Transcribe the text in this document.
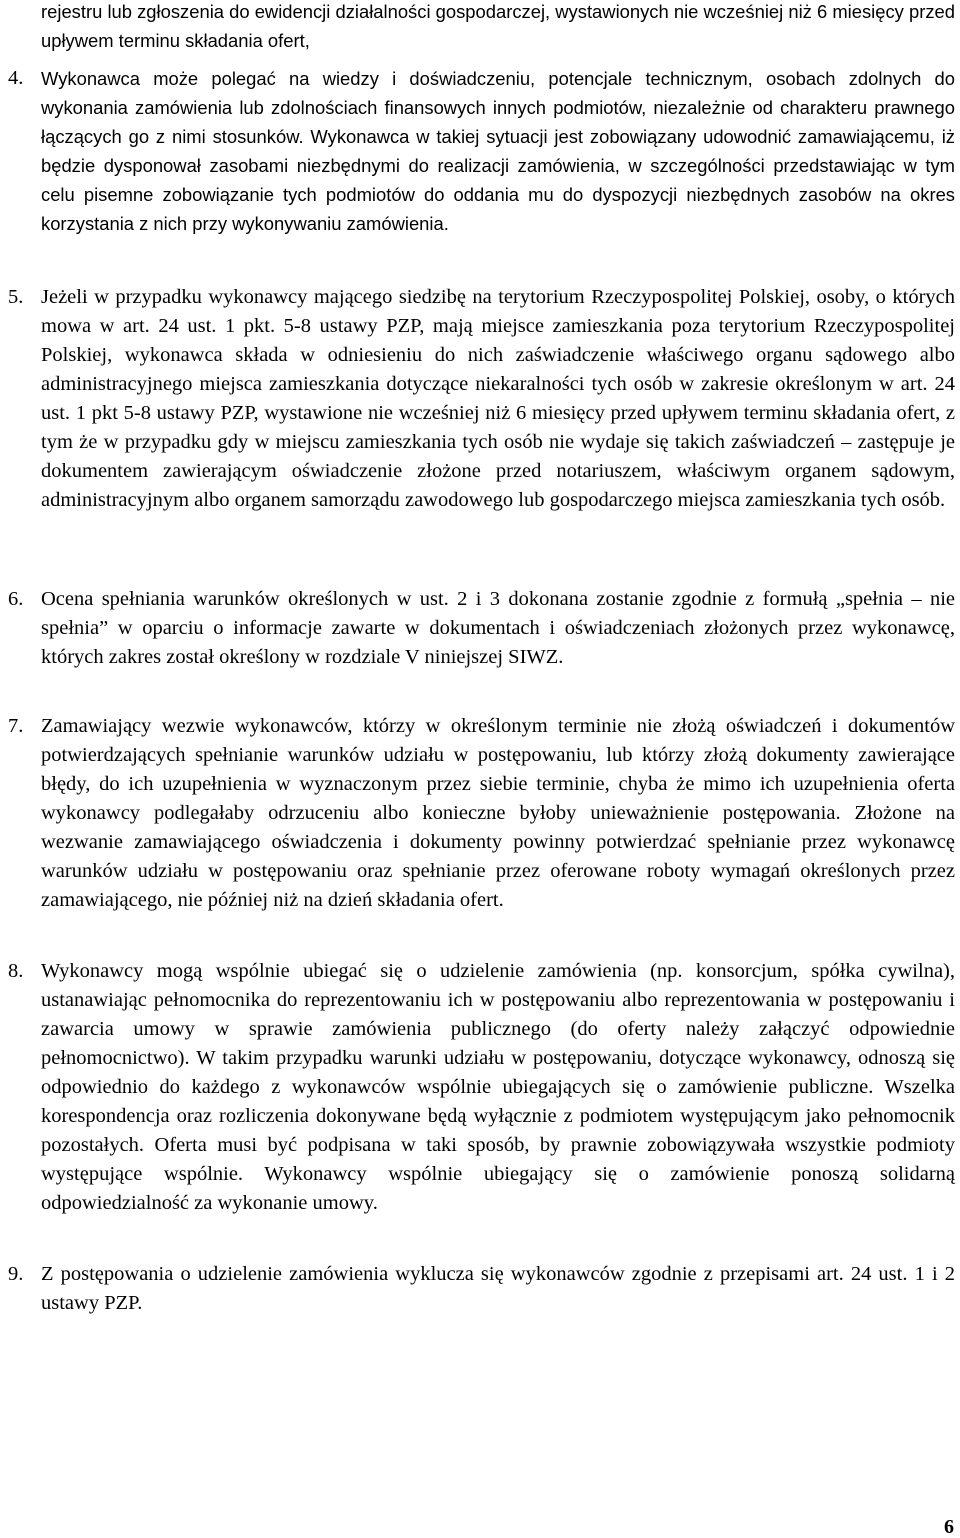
rejestru lub zgłoszenia do ewidencji działalności gospodarczej, wystawionych nie wcześniej niż 6 miesięcy przed upływem terminu składania ofert,

4. Wykonawca może polegać na wiedzy i doświadczeniu, potencjale technicznym, osobach zdolnych do wykonania zamówienia lub zdolnościach finansowych innych podmiotów, niezależnie od charakteru prawnego łączących go z nimi stosunków. Wykonawca w takiej sytuacji jest zobowiązany udowodnić zamawiającemu, iż będzie dysponował zasobami niezbędnymi do realizacji zamówienia, w szczególności przedstawiając w tym celu pisemne zobowiązanie tych podmiotów do oddania mu do dyspozycji niezbędnych zasobów na okres korzystania z nich przy wykonywaniu zamówienia.

5. Jeżeli w przypadku wykonawcy mającego siedzibę na terytorium Rzeczypospolitej Polskiej, osoby, o których mowa w art. 24 ust. 1 pkt. 5-8 ustawy PZP, mają miejsce zamieszkania poza terytorium Rzeczypospolitej Polskiej, wykonawca składa w odniesieniu do nich zaświadczenie właściwego organu sądowego albo administracyjnego miejsca zamieszkania dotyczące niekaralności tych osób w zakresie określonym w art. 24 ust. 1 pkt 5-8 ustawy PZP, wystawione nie wcześniej niż 6 miesięcy przed upływem terminu składania ofert, z tym że w przypadku gdy w miejscu zamieszkania tych osób nie wydaje się takich zaświadczeń – zastępuje je dokumentem zawierającym oświadczenie złożone przed notariuszem, właściwym organem sądowym, administracyjnym albo organem samorządu zawodowego lub gospodarczego miejsca zamieszkania tych osób.

6. Ocena spełniania warunków określonych w ust. 2 i 3 dokonana zostanie zgodnie z formułą „spełnia – nie spełnia” w oparciu o informacje zawarte w dokumentach i oświadczeniach złożonych przez wykonawcę, których zakres został określony w rozdziale V niniejszej SIWZ.

7. Zamawiający wezwie wykonawców, którzy w określonym terminie nie złożą oświadczeń i dokumentów potwierdzających spełnianie warunków udziału w postępowaniu, lub którzy złożą dokumenty zawierające błędy, do ich uzupełnienia w wyznaczonym przez siebie terminie, chyba że mimo ich uzupełnienia oferta wykonawcy podlegałaby odrzuceniu albo konieczne byłoby unieważnienie postępowania. Złożone na wezwanie zamawiającego oświadczenia i dokumenty powinny potwierdzać spełnianie przez wykonawcę warunków udziału w postępowaniu oraz spełnianie przez oferowane roboty wymagań określonych przez zamawiającego, nie później niż na dzień składania ofert.

8. Wykonawcy mogą wspólnie ubiegać się o udzielenie zamówienia (np. konsorcjum, spółka cywilna), ustanawiając pełnomocnika do reprezentowaniu ich w postępowaniu albo reprezentowania w postępowaniu i zawarcia umowy w sprawie zamówienia publicznego (do oferty należy załączyć odpowiednie pełnomocnictwo). W takim przypadku warunki udziału w postępowaniu, dotyczące wykonawcy, odnoszą się odpowiednio do każdego z wykonawców wspólnie ubiegających się o zamówienie publiczne. Wszelka korespondencja oraz rozliczenia dokonywane będą wyłącznie z podmiotem występującym jako pełnomocnik pozostałych. Oferta musi być podpisana w taki sposób, by prawnie zobowiązywała wszystkie podmioty występujące wspólnie. Wykonawcy wspólnie ubiegający się o zamówienie ponoszą solidarną odpowiedzialność za wykonanie umowy.

9. Z postępowania o udzielenie zamówienia wyklucza się wykonawców zgodnie z przepisami art. 24 ust. 1 i 2 ustawy PZP.

6
